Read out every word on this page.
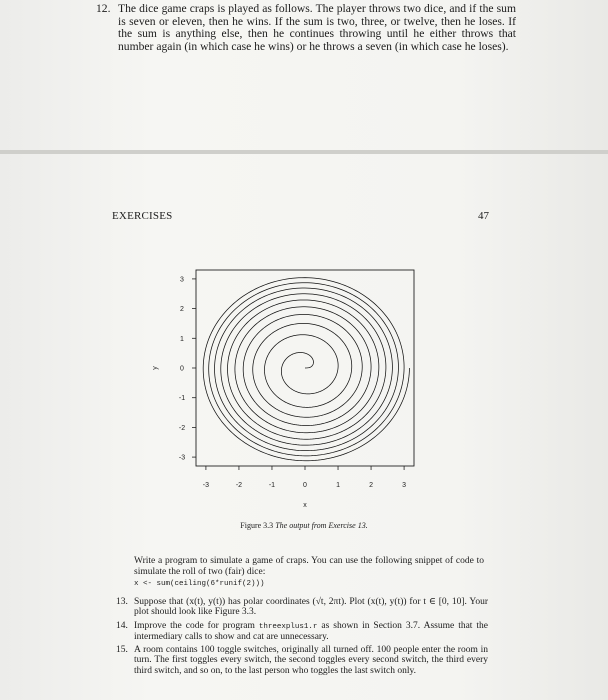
12. The dice game craps is played as follows. The player throws two dice, and if the sum is seven or eleven, then he wins. If the sum is two, three, or twelve, then he loses. If the sum is anything else, then he continues throwing until he either throws that number again (in which case he wins) or he throws a seven (in which case he loses).
EXERCISES	47
-3	-2	-1	0	1	2	3
3
2
1
0
-1
-2
-3
x
y
Figure 3.3 The output from Exercise 13.
Write a program to simulate a game of craps. You can use the following snippet of code to simulate the roll of two (fair) dice:
x <- sum(ceiling(6*runif(2)))
13. Suppose that (x(t), y(t)) has polar coordinates (√t, 2πt). Plot (x(t), y(t)) for t ∈ [0, 10]. Your plot should look like Figure 3.3.
14. Improve the code for program threexplus1.r as shown in Section 3.7. Assume that the intermediary calls to show and cat are unnecessary.
15. A room contains 100 toggle switches, originally all turned off. 100 people enter the room in turn. The first toggles every switch, the second toggles every second switch, the third every third switch, and so on, to the last person who toggles the last switch only.
